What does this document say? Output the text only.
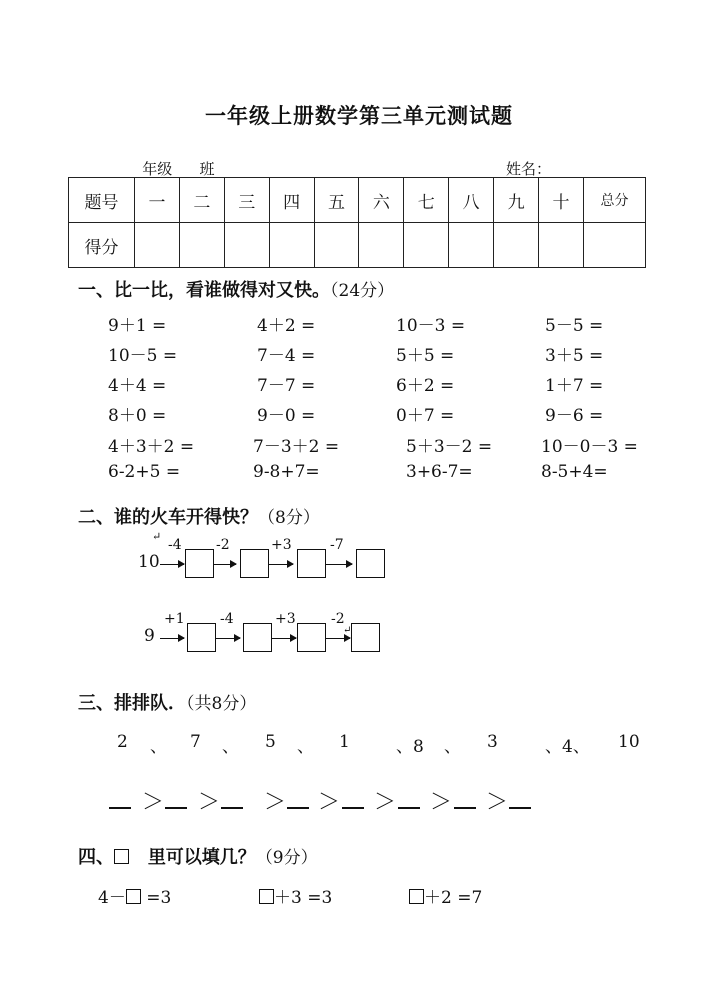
一年级上册数学第三单元测试题
__ ___年级_ __班	姓名：_ ________
题号	一	二	三	四	五	六	七	八	九	十	总分
得分											
一、比一比，看谁做得对又快。（24分）
9＋1 =	4＋2 =	10－3 =	5－5 =
10－5 =	7－4 =	5＋5 =	3＋5 =
4＋4 =	7－7 =	6＋2 =	1＋7 =
8＋0 =	9－0 =	0＋7 =	9－6 =
4＋3＋2 =	7－3＋2 =	5＋3－2 =	10－0－3 =
6-2+5 =	9-8+7=	3+6-7=	8-5+4=
二、谁的火车开得快？（8分）
↵
10
-4 -2	+3	-7
9
+1	-4	+3	-2
↵
三、排排队．（共8分）
2 、 7 、 5 、 1	、8 、 3	、4、 10
＞ ＞ ＞ ＞ ＞ ＞ ＞
四、 里可以填几？（9分）
4－ =3	＋3 =3	＋2 =7
